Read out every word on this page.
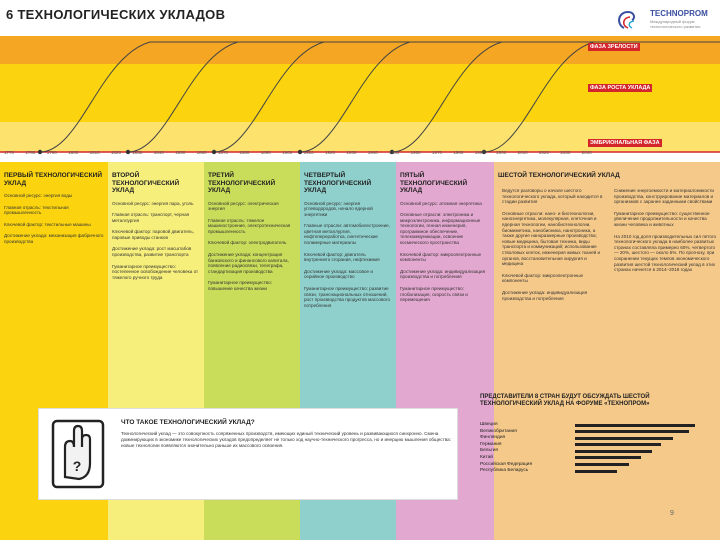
6 ТЕХНОЛОГИЧЕСКИХ УКЛАДОВ	TECHNOPROM
Международный форум технологического развития
ФАЗА ЗРЕЛОСТИ
ФАЗА РОСТА УКЛАДА
ЭМБРИОНАЛЬНАЯ ФАЗА
1770	1780	1790	1800	1810	1820	1830	1840	1850	1860	1870	1880	1890	1900	1910	1920	1930	1940	1950	1960	1970	1980	1990	2000	2010	2020	2030	2040
ПЕРВЫЙ ТЕХНОЛОГИЧЕСКИЙ УКЛАД

Основной ресурс: энергия воды

Главная отрасль: текстильная промышленность

Ключевой фактор: текстильные машины

Достижение уклада: механизация фабричного производства

ВТОРОЙ ТЕХНОЛОГИЧЕСКИЙ УКЛАД

Основной ресурс: энергия пара, уголь

Главная отрасль: транспорт, черная металлургия

Ключевой фактор: паровой двигатель, паровые приводы станков

Достижение уклада: рост масштабов производства, развитие транспорта

Гуманитарное преимущество: постепенное освобождение человека от тяжелого ручного труда

ТРЕТИЙ ТЕХНОЛОГИЧЕСКИЙ УКЛАД

Основной ресурс: электрическая энергия

Главная отрасль: тяжелое машиностроение, электротехническая промышленность

Ключевой фактор: электродвигатель

Достижение уклада: концентрация банковского и финансового капитала, появление радиосвязи, телеграфа, стандартизация производства

Гуманитарное преимущество: повышение качества жизни

ЧЕТВЕРТЫЙ ТЕХНОЛОГИЧЕСКИЙ УКЛАД

Основной ресурс: энергия углеводородов, начало ядерной энергетики

Главные отрасли: автомобилестроение, цветная металлургия, нефтепереработка, синтетические полимерные материалы

Ключевой фактор: двигатель внутреннего сгорания, нефтехимия

Достижение уклада: массовое и серийное производство

Гуманитарное преимущество: развитие связи, транснациональных отношений, рост производства продуктов массового потребления

ПЯТЫЙ ТЕХНОЛОГИЧЕСКИЙ УКЛАД

Основной ресурс: атомная энергетика

Основные отрасли: электроника и микроэлектроника, информационные технологии, генная инженерия, программное обеспечение, телекоммуникации, освоение космического пространства

Ключевой фактор: микроэлектронные компоненты

Достижение уклада: индивидуализация производства и потребления

Гуманитарное преимущество: глобализация, скорость связи и перемещения

ШЕСТОЙ ТЕХНОЛОГИЧЕСКИЙ УКЛАД

Ведутся разговоры о начале шестого технологического уклада, который находится в стадии развития

Основные отрасли: нано- и биотехнологии, наноэнергетика, молекулярная, клеточная и ядерная технологии, нанобиотехнологии, биомиметика, нанобионика, нанотроника, а также другие наноразмерные производства; новые медицина, бытовая техника, виды транспорта и коммуникаций; использование стволовых клеток, инженерия живых тканей и органов, восстановительная хирургия и медицина

Ключевой фактор: микроэлектронные компоненты

Достижение уклада: индивидуализация производства и потребления

Снижение энергоемкости и материалоемкости производства, конструирование материалов и организмов с заранее заданными свойствами

Гуманитарное преимущество: существенное увеличение продолжительности и качества жизни человека и животных

На 2010 год доля производительных сил пятого технологического уклада в наиболее развитых странах составляла примерно 60%, четвертого — 20%, шестого — около 5%. По прогнозу, при сохранении текущих темпов экономического развития шестой технологический уклад в этих странах начнется в 2014–2018 годах

?
ЧТО ТАКОЕ ТЕХНОЛОГИЧЕСКИЙ УКЛАД?
Технологический уклад — это совокупность сопряженных производств, имеющих единый технический уровень и развивающихся синхронно. Смена доминирующих в экономике технологических укладов предопределяет не только ход научно-технического прогресса, но и инерцию мышления общества: новые технологии появляются значительно раньше их массового освоения.
ПРЕДСТАВИТЕЛИ 8 СТРАН БУДУТ ОБСУЖДАТЬ ШЕСТОЙ ТЕХНОЛОГИЧЕСКИЙ УКЛАД НА ФОРУМЕ «ТЕХНОПРОМ»
Швеция
Великобритания
Финляндия
Германия
Бельгия
Китай
Российская Федерация
Республика Беларусь
9
